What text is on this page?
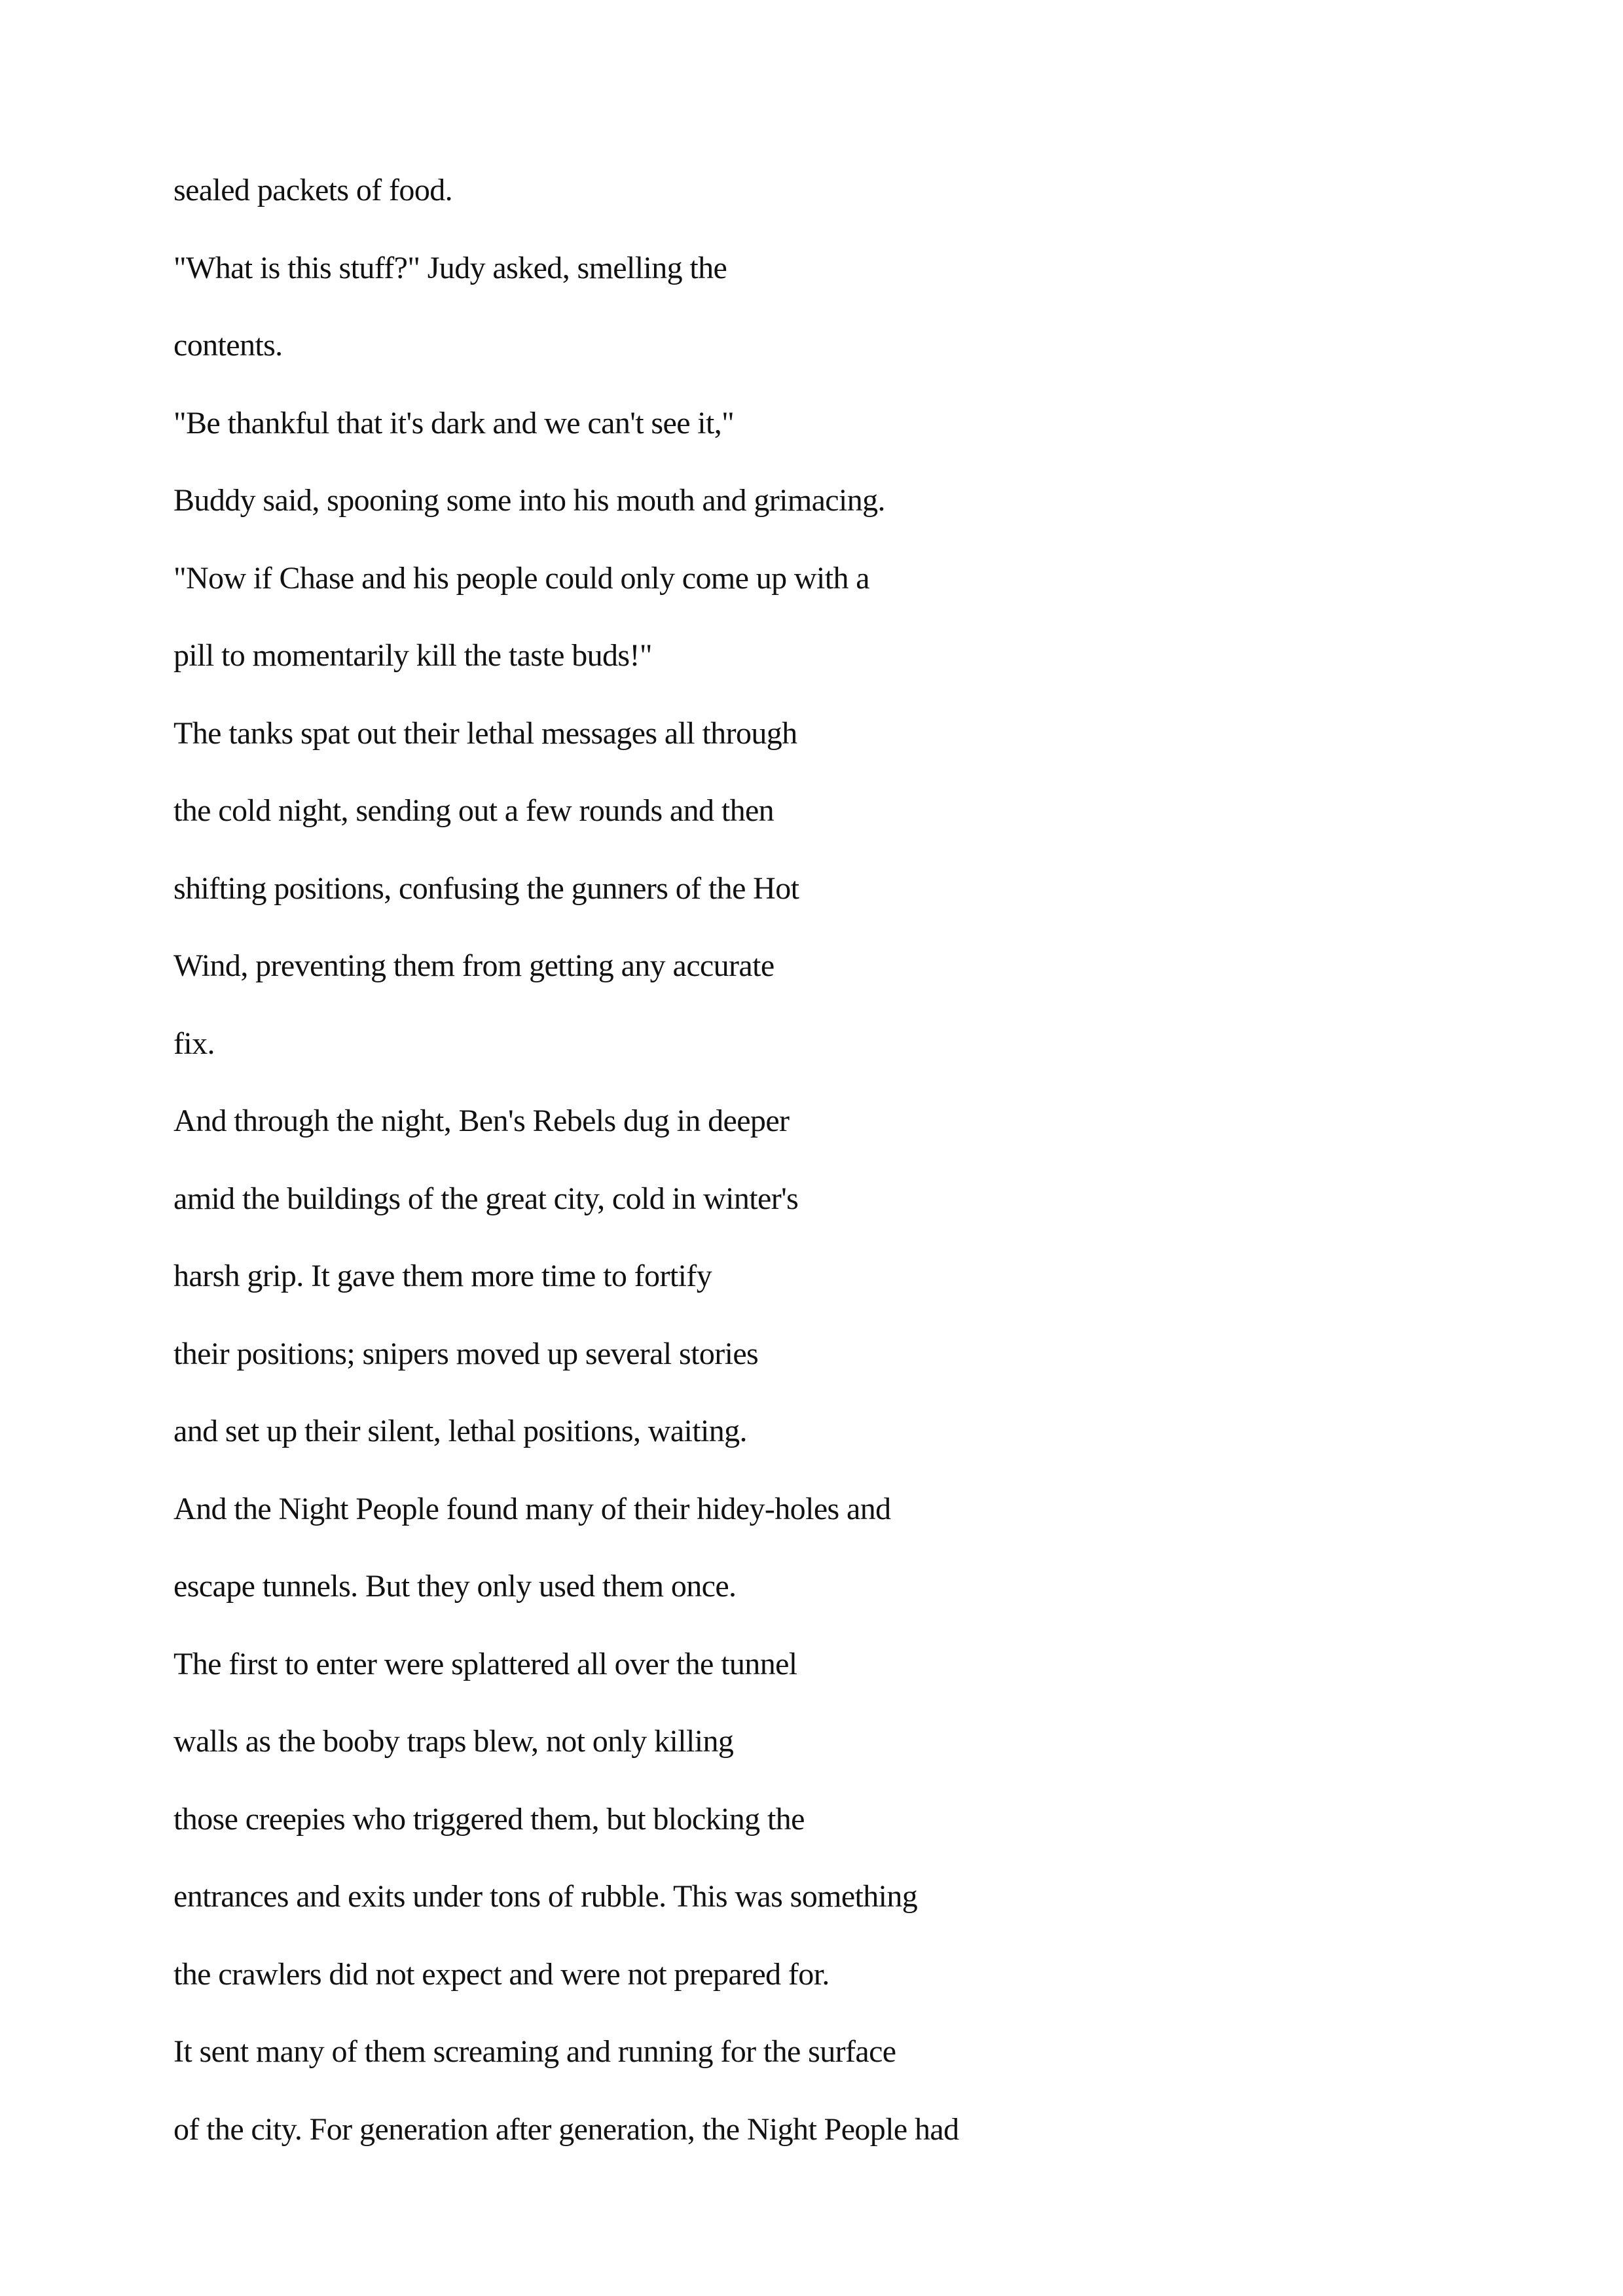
sealed packets of food.
"What is this stuff?" Judy asked, smelling the
contents.
"Be thankful that it's dark and we can't see it,"
Buddy said, spooning some into his mouth and grimacing.
"Now if Chase and his people could only come up with a
pill to momentarily kill the taste buds!"
The tanks spat out their lethal messages all through
the cold night, sending out a few rounds and then
shifting positions, confusing the gunners of the Hot
Wind, preventing them from getting any accurate
fix.
And through the night, Ben's Rebels dug in deeper
amid the buildings of the great city, cold in winter's
harsh grip. It gave them more time to fortify
their positions; snipers moved up several stories
and set up their silent, lethal positions, waiting.
And the Night People found many of their hidey-holes and
escape tunnels. But they only used them once.
The first to enter were splattered all over the tunnel
walls as the booby traps blew, not only killing
those creepies who triggered them, but blocking the
entrances and exits under tons of rubble. This was something
the crawlers did not expect and were not prepared for.
It sent many of them screaming and running for the surface
of the city. For generation after generation, the Night People had
